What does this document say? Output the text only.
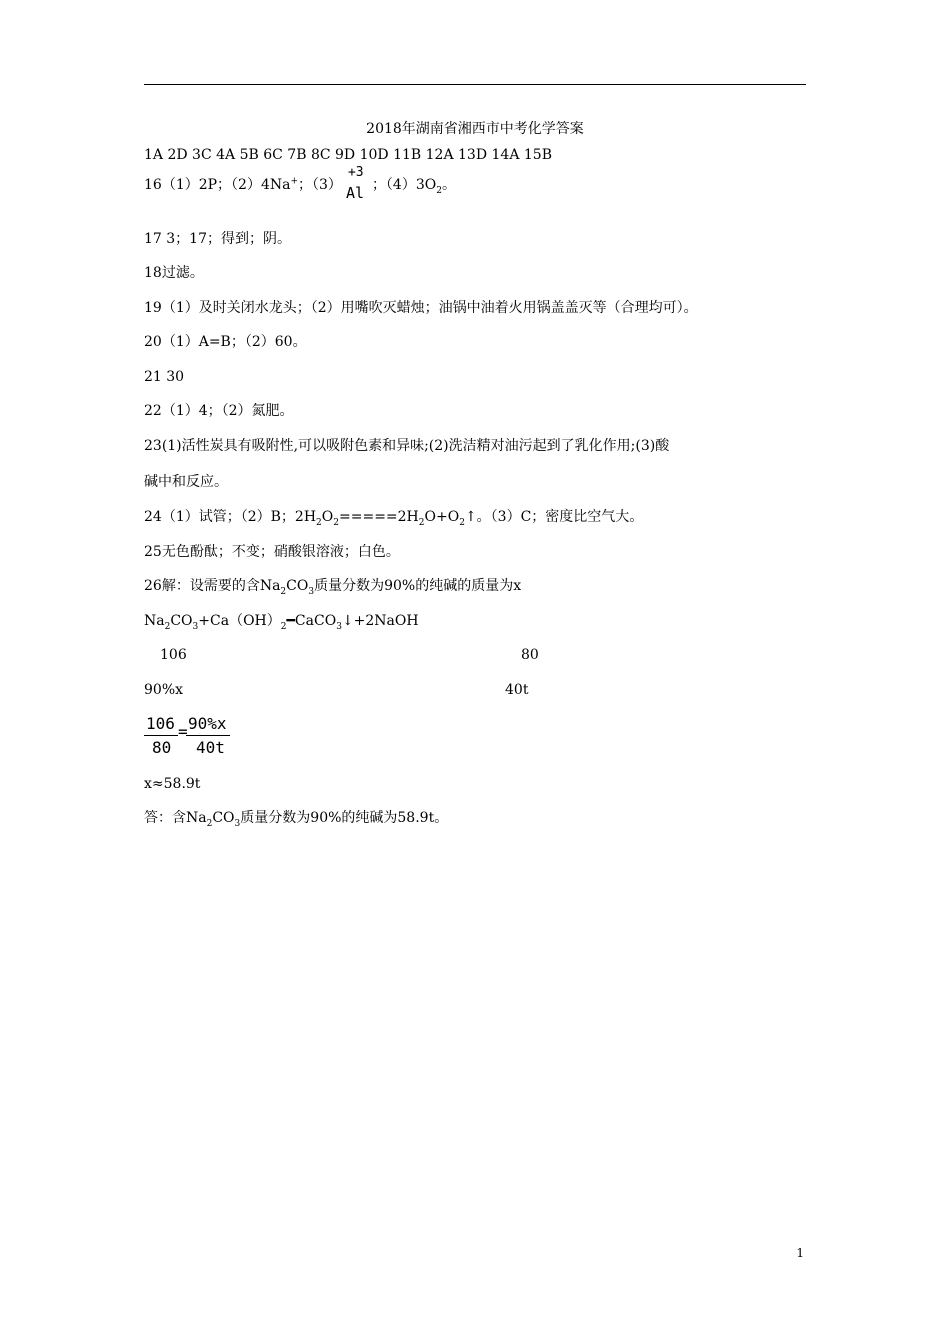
2018年湖南省湘西市中考化学答案
1A 2D 3C 4A 5B 6C 7B 8C 9D 10D 11B 12A 13D 14A 15B
16（1）2P；（2）4Na+；（3）
+3
Al ；$(4)3O_2$。
17 3；17；得到；阴。
18过滤。
19（1）及时关闭水龙头；（2）用嘴吹灭蜡烛；油锅中油着火用锅盖盖灭等（合理均可）。
20（1）A=B；（2）60。
21 30
22（1）4；（2）氮肥。
23(1)活性炭具有吸附性,可以吸附色素和异味;(2)洗洁精对油污起到了乳化作用;(3)酸
碱中和反应。
24（1）试管；（2）B；$2H_2O_2=====2H_2O+O_2↑$。（3）C；密度比空气大。
25无色酚酞；不变；硝酸银溶液；白色。
26解：设需要的含$Na_2CO_3$质量分数为90%的纯碱的质量为x
$Na_2CO_3+Ca(OH)_2━CaCO_3↓+2NaOH$
106	80
90%x	40t
106
80
= 90%x
40t
x≈58.9t
答：含$Na_2CO_3$质量分数为90%的纯碱为58.9t。
1
